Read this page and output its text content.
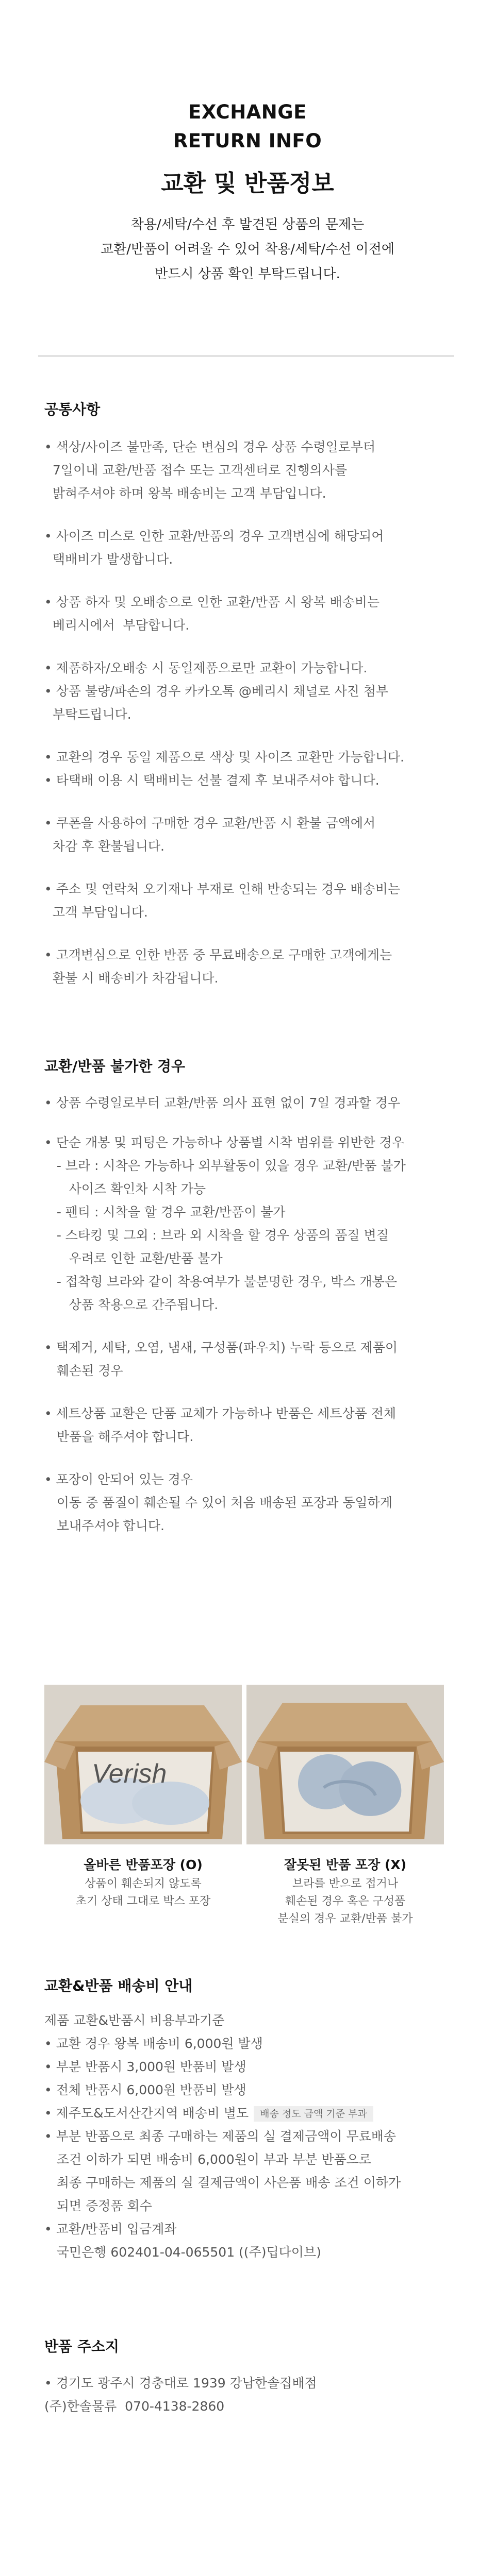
EXCHANGE
RETURN INFO
교환 및 반품정보
착용/세탁/수선 후 발견된 상품의 문제는
교환/반품이 어려울 수 있어 착용/세탁/수선 이전에
반드시 상품 확인 부탁드립니다.
공통사항
• 색상/사이즈 불만족, 단순 변심의 경우 상품 수령일로부터
7일이내 교환/반품 접수 또는 고객센터로 진행의사를
밝혀주셔야 하며 왕복 배송비는 고객 부담입니다.
• 사이즈 미스로 인한 교환/반품의 경우 고객변심에 해당되어
택배비가 발생합니다.
• 상품 하자 및 오배송으로 인한 교환/반품 시 왕복 배송비는
베리시에서  부담합니다.
• 제품하자/오배송 시 동일제품으로만 교환이 가능합니다.
• 상품 불량/파손의 경우 카카오톡 @베리시 채널로 사진 첨부
부탁드립니다.
• 교환의 경우 동일 제품으로 색상 및 사이즈 교환만 가능합니다.
• 타택배 이용 시 택배비는 선불 결제 후 보내주셔야 합니다.
• 쿠폰을 사용하여 구매한 경우 교환/반품 시 환불 금액에서
차감 후 환불됩니다.
• 주소 및 연락처 오기재나 부재로 인해 반송되는 경우 배송비는
고객 부담입니다.
• 고객변심으로 인한 반품 중 무료배송으로 구매한 고객에게는
환불 시 배송비가 차감됩니다.
교환/반품 불가한 경우
• 상품 수령일로부터 교환/반품 의사 표현 없이 7일 경과할 경우
• 단순 개봉 및 피팅은 가능하나 상품별 시착 범위를 위반한 경우
- 브라 : 시착은 가능하나 외부활동이 있을 경우 교환/반품 불가
사이즈 확인차 시착 가능
- 팬티 : 시착을 할 경우 교환/반품이 불가
- 스타킹 및 그외 : 브라 외 시착을 할 경우 상품의 품질 변질
우려로 인한 교환/반품 불가
- 접착형 브라와 같이 착용여부가 불분명한 경우, 박스 개봉은
상품 착용으로 간주됩니다.
• 택제거, 세탁, 오염, 냄새, 구성품(파우치) 누락 등으로 제품이
훼손된 경우
• 세트상품 교환은 단품 교체가 가능하나 반품은 세트상품 전체
반품을 해주셔야 합니다.
• 포장이 안되어 있는 경우
이동 중 품질이 훼손될 수 있어 처음 배송된 포장과 동일하게
보내주셔야 합니다.
Verish
올바른 반품포장 (O)
상품이 훼손되지 않도록
초기 상태 그대로 박스 포장
잘못된 반품 포장 (X)
브라를 반으로 접거나
훼손된 경우 혹은 구성품
분실의 경우 교환/반품 불가
교환&반품 배송비 안내
제품 교환&반품시 비용부과기준
• 교환 경우 왕복 배송비 6,000원 발생
• 부분 반품시 3,000원 반품비 발생
• 전체 반품시 6,000원 반품비 발생
• 제주도&도서산간지역 배송비 별도 배송 정도 금액 기준 부과
• 부분 반품으로 최종 구매하는 제품의 실 결제금액이 무료배송
조건 이하가 되면 배송비 6,000원이 부과 부분 반품으로
최종 구매하는 제품의 실 결제금액이 사은품 배송 조건 이하가
되면 증정품 회수
• 교환/반품비 입금계좌
국민은행 602401-04-065501 ((주)딥다이브)
반품 주소지
• 경기도 광주시 경충대로 1939 강남한솔집배점
(주)한솔물류  070-4138-2860
